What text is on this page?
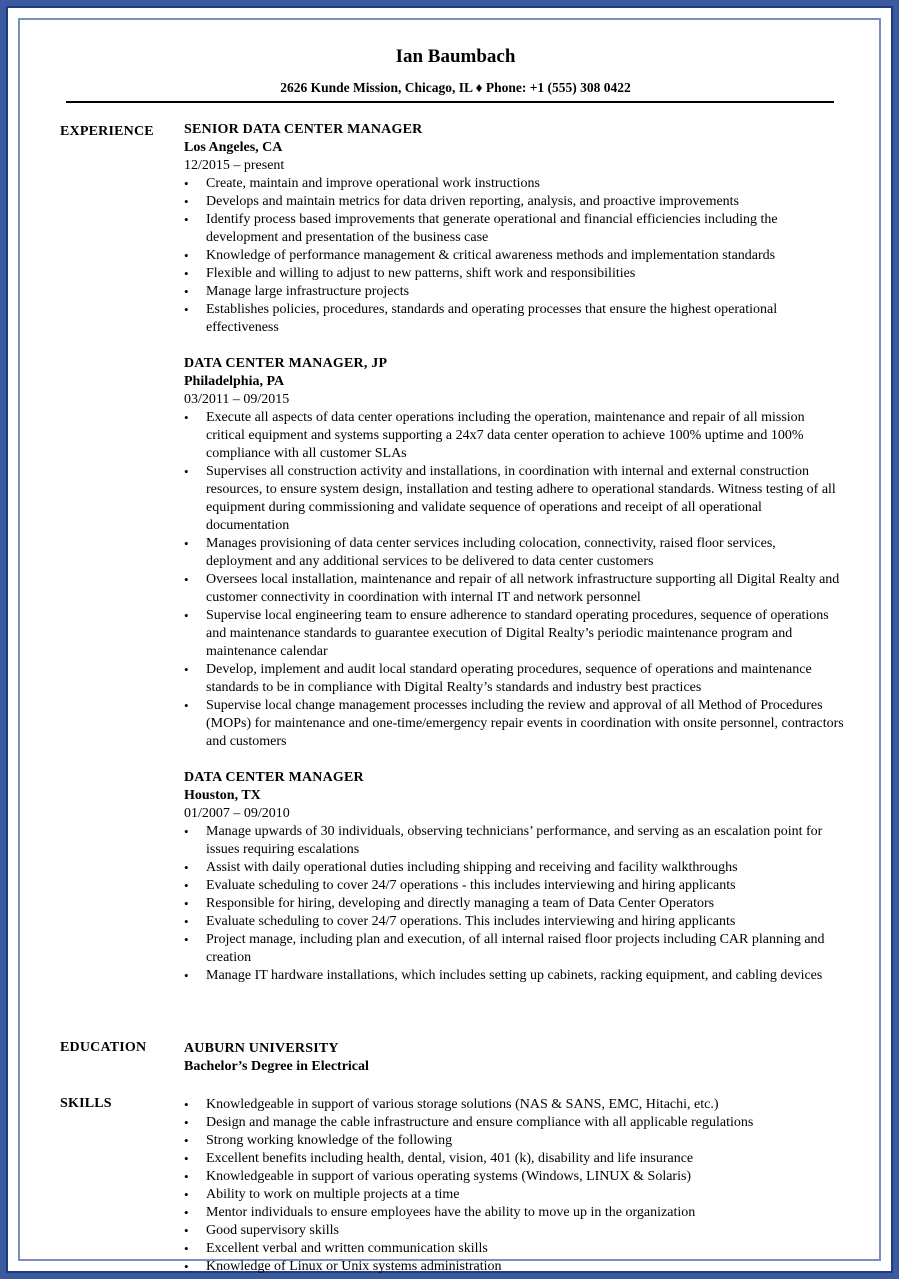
Ian Baumbach
2626 Kunde Mission, Chicago, IL ♦ Phone: +1 (555) 308 0422
EXPERIENCE SENIOR DATA CENTER MANAGER
Los Angeles, CA
12/2015 – present
• Create, maintain and improve operational work instructions
• Develops and maintain metrics for data driven reporting, analysis, and proactive improvements
• Identify process based improvements that generate operational and financial efficiencies including the development and presentation of the business case
• Knowledge of performance management & critical awareness methods and implementation standards
• Flexible and willing to adjust to new patterns, shift work and responsibilities
• Manage large infrastructure projects
• Establishes policies, procedures, standards and operating processes that ensure the highest operational effectiveness
DATA CENTER MANAGER, JP
Philadelphia, PA
03/2011 – 09/2015
• Execute all aspects of data center operations including the operation, maintenance and repair of all mission critical equipment and systems supporting a 24x7 data center operation to achieve 100% uptime and 100% compliance with all customer SLAs
• Supervises all construction activity and installations, in coordination with internal and external construction resources, to ensure system design, installation and testing adhere to operational standards. Witness testing of all equipment during commissioning and validate sequence of operations and receipt of all operational documentation
• Manages provisioning of data center services including colocation, connectivity, raised floor services, deployment and any additional services to be delivered to data center customers
• Oversees local installation, maintenance and repair of all network infrastructure supporting all Digital Realty and customer connectivity in coordination with internal IT and network personnel
• Supervise local engineering team to ensure adherence to standard operating procedures, sequence of operations and maintenance standards to guarantee execution of Digital Realty’s periodic maintenance program and maintenance calendar
• Develop, implement and audit local standard operating procedures, sequence of operations and maintenance standards to be in compliance with Digital Realty’s standards and industry best practices
• Supervise local change management processes including the review and approval of all Method of Procedures (MOPs) for maintenance and one-time/emergency repair events in coordination with onsite personnel, contractors and customers
DATA CENTER MANAGER
Houston, TX
01/2007 – 09/2010
• Manage upwards of 30 individuals, observing technicians’ performance, and serving as an escalation point for issues requiring escalations
• Assist with daily operational duties including shipping and receiving and facility walkthroughs
• Evaluate scheduling to cover 24/7 operations - this includes interviewing and hiring applicants
• Responsible for hiring, developing and directly managing a team of Data Center Operators
• Evaluate scheduling to cover 24/7 operations. This includes interviewing and hiring applicants
• Project manage, including plan and execution, of all internal raised floor projects including CAR planning and creation
• Manage IT hardware installations, which includes setting up cabinets, racking equipment, and cabling devices
EDUCATION	AUBURN UNIVERSITY
Bachelor’s Degree in Electrical
SKILLS	• Knowledgeable in support of various storage solutions (NAS & SANS, EMC, Hitachi, etc.)
• Design and manage the cable infrastructure and ensure compliance with all applicable regulations
• Strong working knowledge of the following
• Excellent benefits including health, dental, vision, 401 (k), disability and life insurance
• Knowledgeable in support of various operating systems (Windows, LINUX & Solaris)
• Ability to work on multiple projects at a time
• Mentor individuals to ensure employees have the ability to move up in the organization
• Good supervisory skills
• Excellent verbal and written communication skills
• Knowledge of Linux or Unix systems administration
